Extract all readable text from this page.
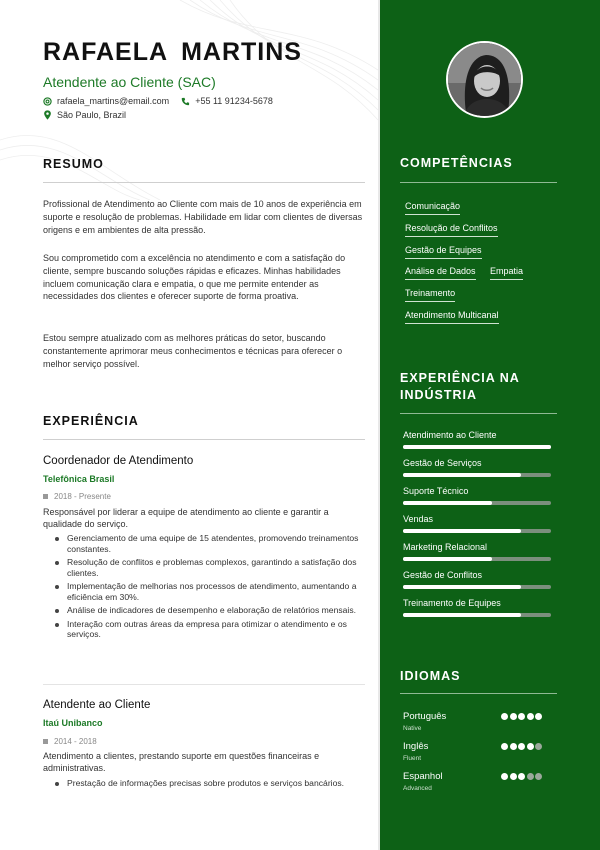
RAFAELA MARTINS
Atendente ao Cliente (SAC)
rafaela_martins@email.com	+55 11 91234-5678
São Paulo, Brazil
RESUMO
Profissional de Atendimento ao Cliente com mais de 10 anos de experiência em suporte e resolução de problemas. Habilidade em lidar com clientes de diversas origens e em ambientes de alta pressão.
Sou comprometido com a excelência no atendimento e com a satisfação do cliente, sempre buscando soluções rápidas e eficazes. Minhas habilidades incluem comunicação clara e empatia, o que me permite entender as necessidades dos clientes e oferecer suporte de forma proativa.
Estou sempre atualizado com as melhores práticas do setor, buscando constantemente aprimorar meus conhecimentos e técnicas para oferecer o melhor serviço possível.
EXPERIÊNCIA
Coordenador de Atendimento
Telefônica Brasil
2018 - Presente
Responsável por liderar a equipe de atendimento ao cliente e garantir a qualidade do serviço.
Gerenciamento de uma equipe de 15 atendentes, promovendo treinamentos constantes.
Resolução de conflitos e problemas complexos, garantindo a satisfação dos clientes.
Implementação de melhorias nos processos de atendimento, aumentando a eficiência em 30%.
Análise de indicadores de desempenho e elaboração de relatórios mensais.
Interação com outras áreas da empresa para otimizar o atendimento e os serviços.
Atendente ao Cliente
Itaú Unibanco
2014 - 2018
Atendimento a clientes, prestando suporte em questões financeiras e administrativas.
Prestação de informações precisas sobre produtos e serviços bancários.
COMPETÊNCIAS
Comunicação
Resolução de Conflitos
Gestão de Equipes
Análise de Dados Empatia
Treinamento
Atendimento Multicanal
EXPERIÊNCIA NA INDÚSTRIA
Atendimento ao Cliente
Gestão de Serviços
Suporte Técnico
Vendas
Marketing Relacional
Gestão de Conflitos
Treinamento de Equipes
IDIOMAS
Português
Native
Inglês
Fluent
Espanhol
Advanced
